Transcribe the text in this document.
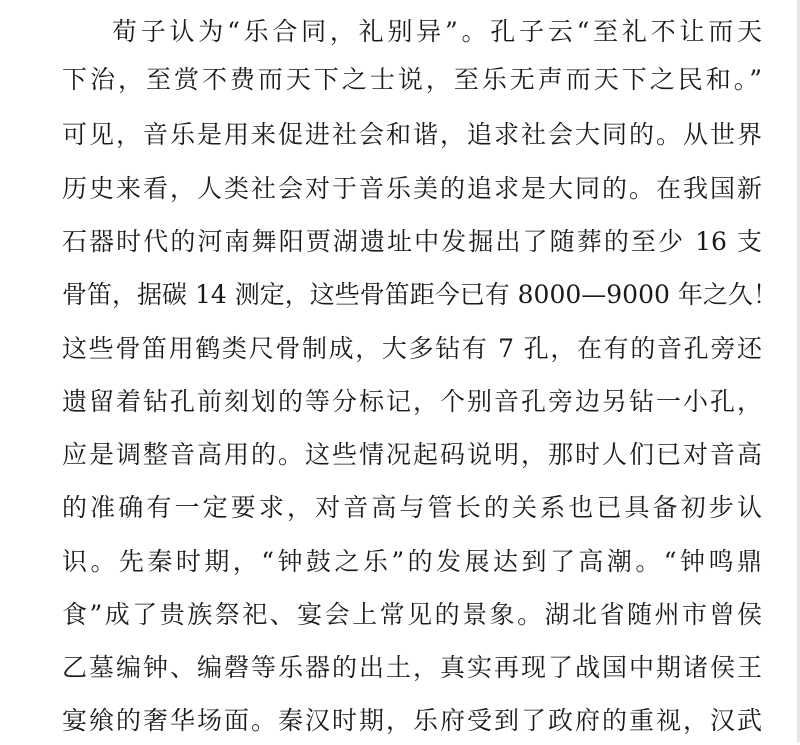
荀子认为“乐合同，礼别异”。孔子云“至礼不让而天
下治，至赏不费而天下之士说，至乐无声而天下之民和。”
可见，音乐是用来促进社会和谐，追求社会大同的。从世界
历史来看，人类社会对于音乐美的追求是大同的。在我国新
石器时代的河南舞阳贾湖遗址中发掘出了随葬的至少 16 支
骨笛，据碳 14 测定，这些骨笛距今已有 8000—9000 年之久！
这些骨笛用鹤类尺骨制成，大多钻有 7 孔，在有的音孔旁还
遗留着钻孔前刻划的等分标记，个别音孔旁边另钻一小孔，
应是调整音高用的。这些情况起码说明，那时人们已对音高
的准确有一定要求，对音高与管长的关系也已具备初步认
识。先秦时期，“钟鼓之乐”的发展达到了高潮。“钟鸣鼎
食”成了贵族祭祀、宴会上常见的景象。湖北省随州市曾侯
乙墓编钟、编磬等乐器的出土，真实再现了战国中期诸侯王
宴飨的奢华场面。秦汉时期，乐府受到了政府的重视，汉武
